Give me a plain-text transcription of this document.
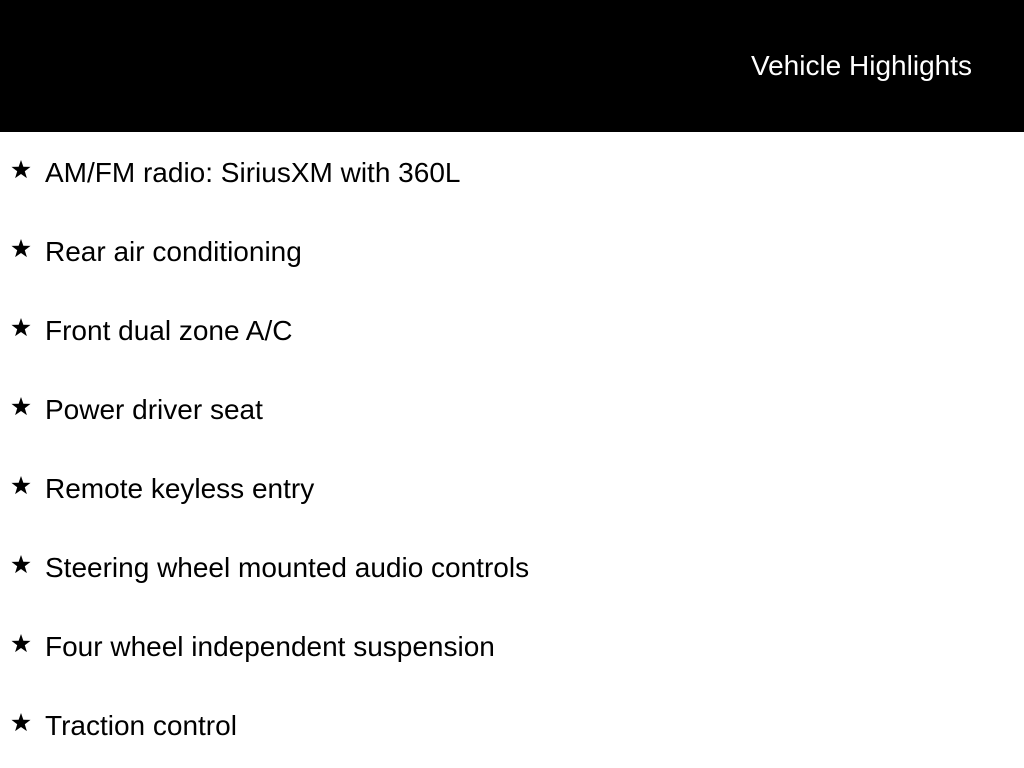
Vehicle Highlights
AM/FM radio: SiriusXM with 360L
Rear air conditioning
Front dual zone A/C
Power driver seat
Remote keyless entry
Steering wheel mounted audio controls
Four wheel independent suspension
Traction control
